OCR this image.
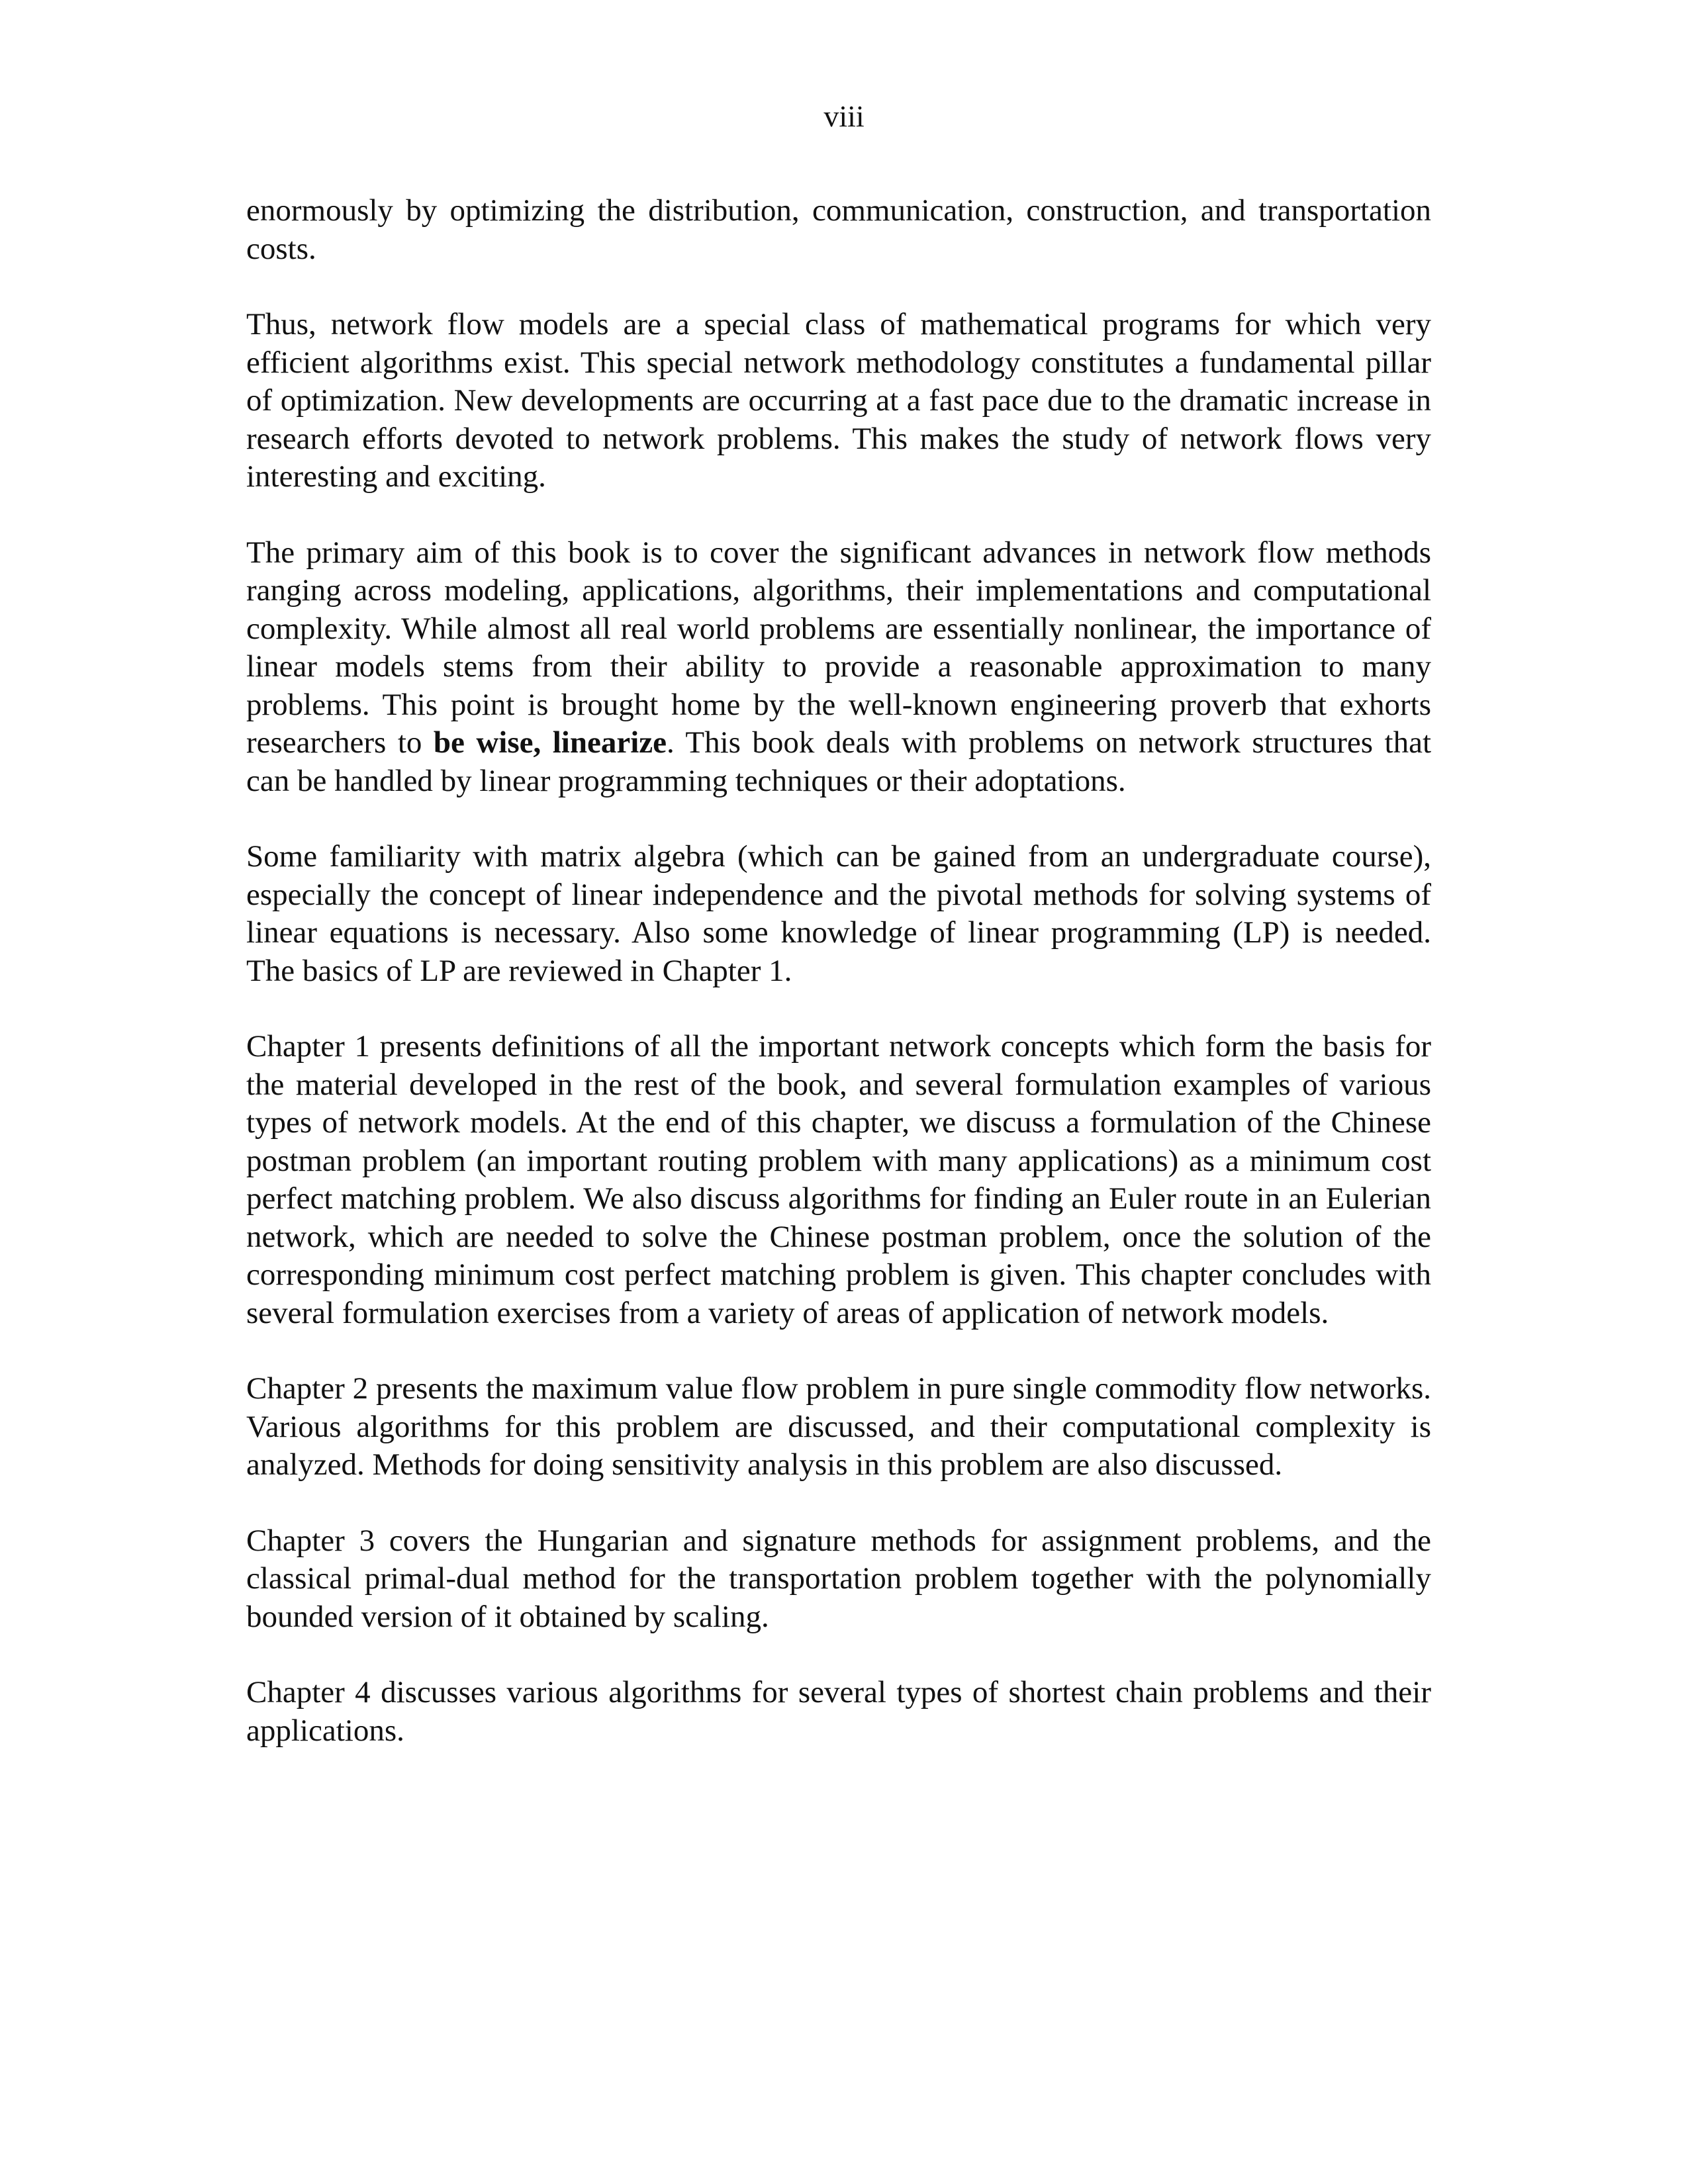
viii

enormously by optimizing the distribution, communication, construction, and transportation costs.

Thus, network flow models are a special class of mathematical programs for which very efficient algorithms exist. This special network methodology constitutes a fundamental pillar of optimization. New developments are occurring at a fast pace due to the dramatic increase in research efforts devoted to network problems. This makes the study of network flows very interesting and exciting.

The primary aim of this book is to cover the significant advances in network flow methods ranging across modeling, applications, algorithms, their implementations and computational complexity. While almost all real world problems are essentially nonlinear, the importance of linear models stems from their ability to provide a reasonable approximation to many problems. This point is brought home by the well-known engineering proverb that exhorts researchers to be wise, linearize. This book deals with problems on network structures that can be handled by linear programming techniques or their adoptations.

Some familiarity with matrix algebra (which can be gained from an undergraduate course), especially the concept of linear independence and the pivotal methods for solving systems of linear equations is necessary. Also some knowledge of linear programming (LP) is needed. The basics of LP are reviewed in Chapter 1.

Chapter 1 presents definitions of all the important network concepts which form the basis for the material developed in the rest of the book, and several formulation examples of various types of network models. At the end of this chapter, we discuss a formulation of the Chinese postman problem (an important routing problem with many applications) as a minimum cost perfect matching problem. We also discuss algorithms for finding an Euler route in an Eulerian network, which are needed to solve the Chinese postman problem, once the solution of the corresponding minimum cost perfect matching problem is given. This chapter concludes with several formulation exercises from a variety of areas of application of network models.

Chapter 2 presents the maximum value flow problem in pure single commodity flow networks. Various algorithms for this problem are discussed, and their computational complexity is analyzed. Methods for doing sensitivity analysis in this problem are also discussed.

Chapter 3 covers the Hungarian and signature methods for assignment problems, and the classical primal-dual method for the transportation problem together with the polynomially bounded version of it obtained by scaling.

Chapter 4 discusses various algorithms for several types of shortest chain problems and their applications.
